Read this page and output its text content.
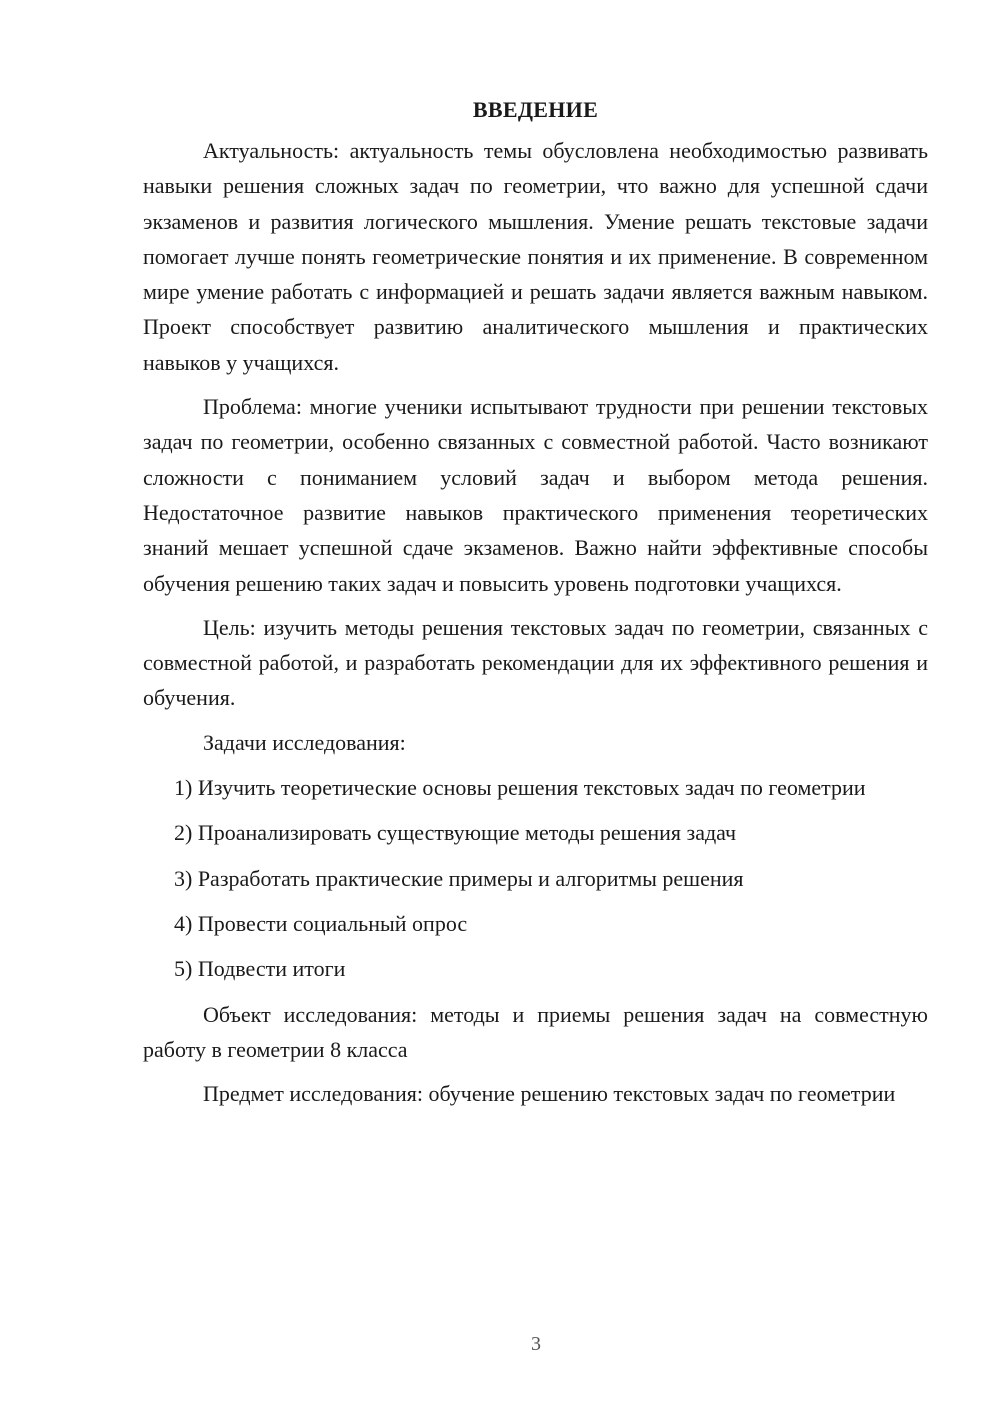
ВВЕДЕНИЕ

Актуальность: актуальность темы обусловлена необходимостью развивать навыки решения сложных задач по геометрии, что важно для успешной сдачи экзаменов и развития логического мышления. Умение решать текстовые задачи помогает лучше понять геометрические понятия и их применение. В современном мире умение работать с информацией и решать задачи является важным навыком. Проект способствует развитию аналитического мышления и практических навыков у учащихся.

Проблема: многие ученики испытывают трудности при решении текстовых задач по геометрии, особенно связанных с совместной работой. Часто возникают сложности с пониманием условий задач и выбором метода решения. Недостаточное развитие навыков практического применения теоретических знаний мешает успешной сдаче экзаменов. Важно найти эффективные способы обучения решению таких задач и повысить уровень подготовки учащихся.

Цель: изучить методы решения текстовых задач по геометрии, связанных с совместной работой, и разработать рекомендации для их эффективного решения и обучения.

Задачи исследования:

1) Изучить теоретические основы решения текстовых задач по геометрии

2) Проанализировать существующие методы решения задач

3) Разработать практические примеры и алгоритмы решения

4) Провести социальный опрос

5) Подвести итоги

Объект исследования: методы и приемы решения задач на совместную работу в геометрии 8 класса

Предмет исследования: обучение решению текстовых задач по геометрии

3
